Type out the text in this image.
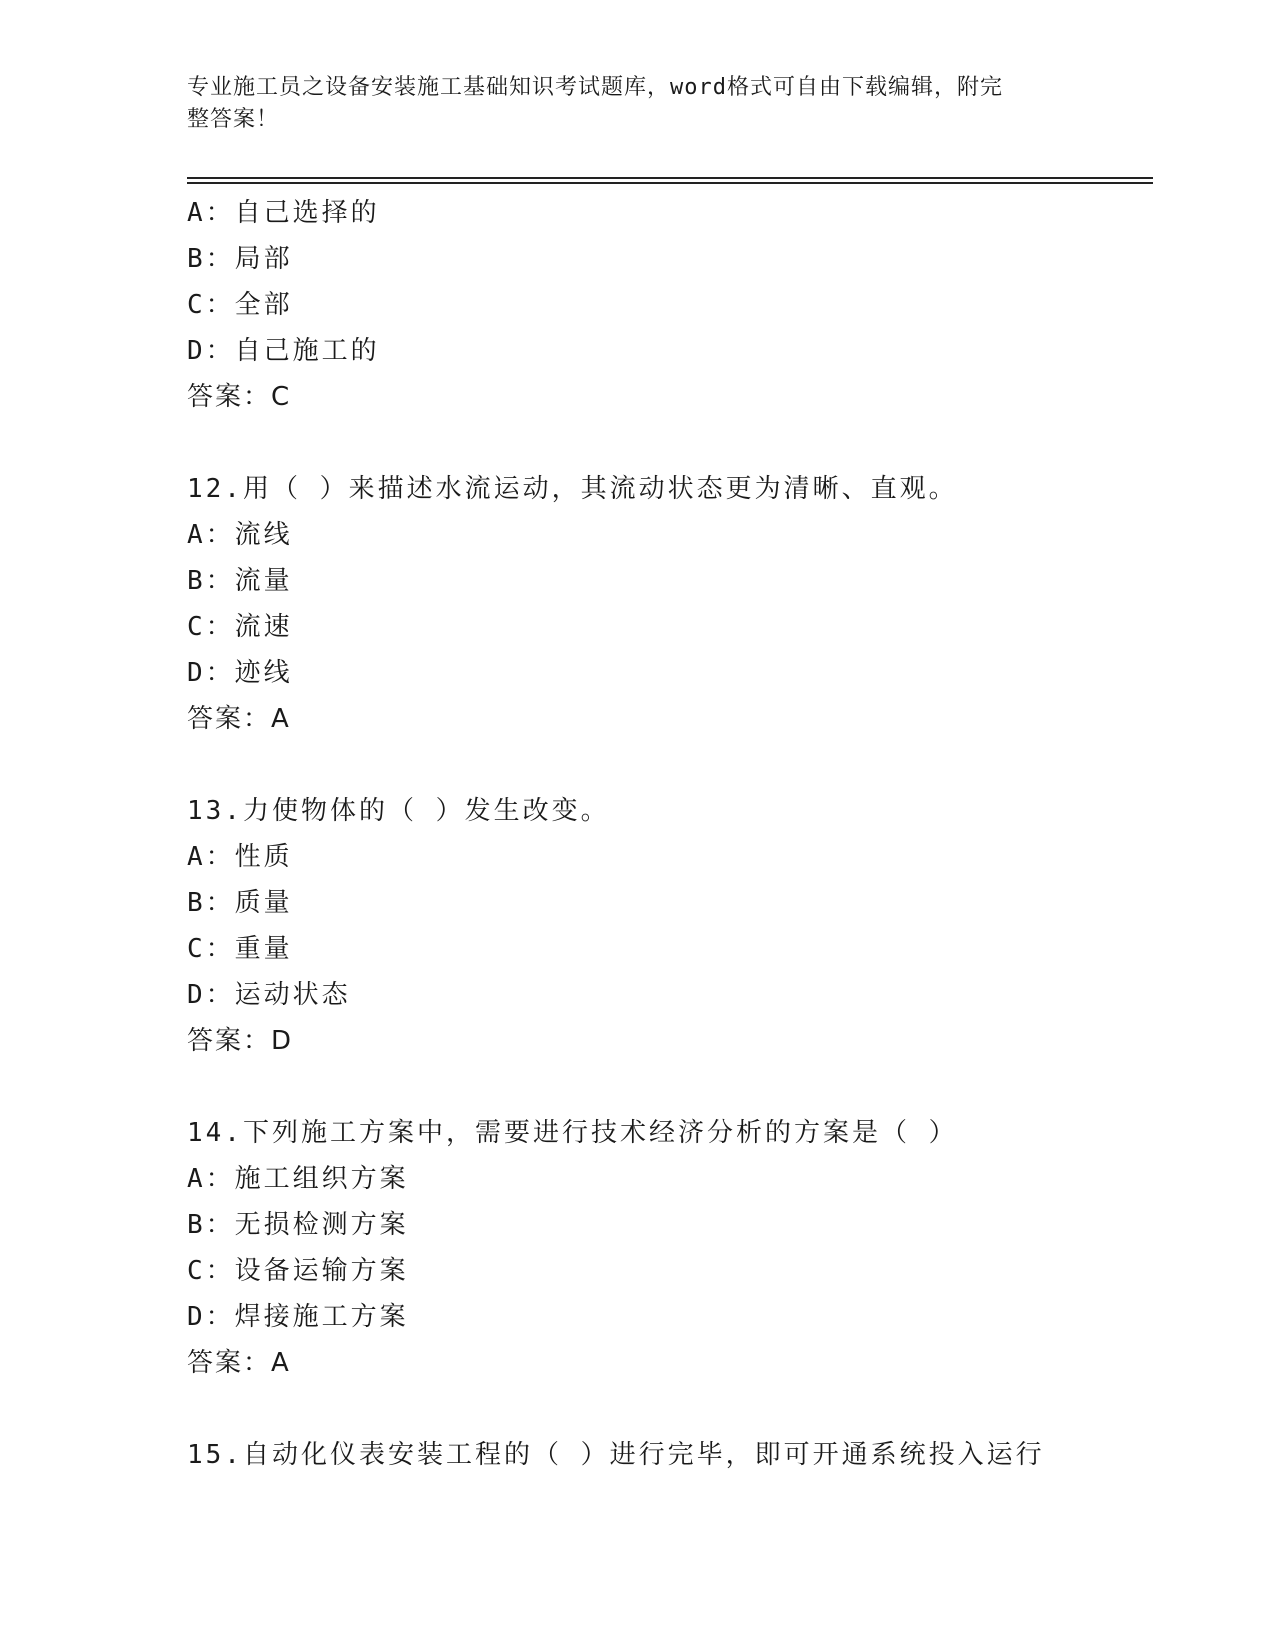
专业施工员之设备安装施工基础知识考试题库，word格式可自由下载编辑，附完
整答案！
A：自己选择的
B：局部
C：全部
D：自己施工的
答案：C
12.用（ ）来描述水流运动，其流动状态更为清晰、直观。
A：流线
B：流量
C：流速
D：迹线
答案：A
13.力使物体的（ ）发生改变。
A：性质
B：质量
C：重量
D：运动状态
答案：D
14.下列施工方案中，需要进行技术经济分析的方案是（ ）
A：施工组织方案
B：无损检测方案
C：设备运输方案
D：焊接施工方案
答案：A
15.自动化仪表安装工程的（ ）进行完毕，即可开通系统投入运行
